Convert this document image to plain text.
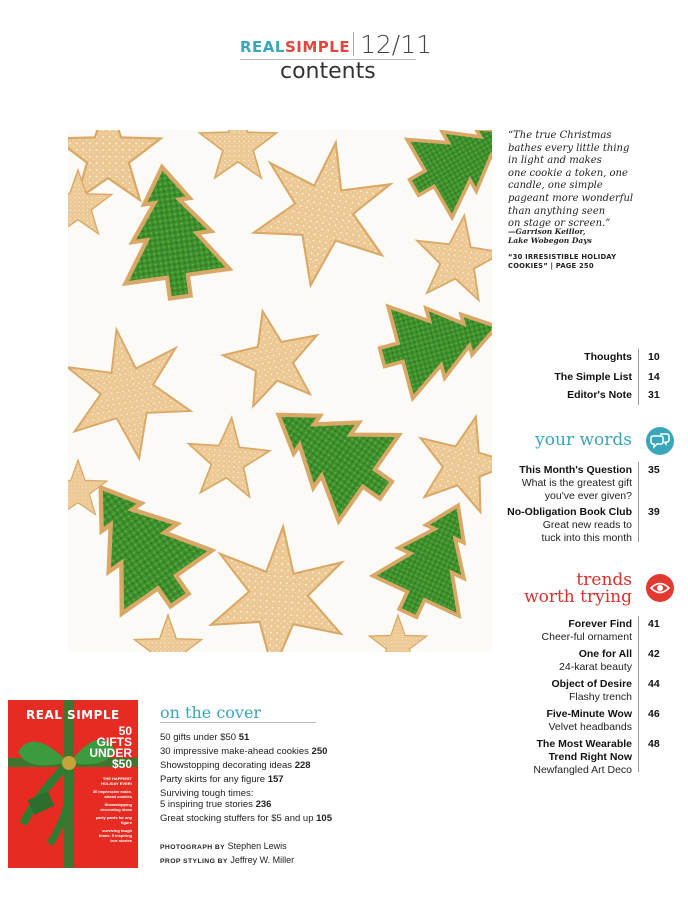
REALSIMPLE 12/11
contents
“The true Christmas
bathes every little thing
in light and makes
one cookie a token, one
candle, one simple
pageant more wonderful
than anything seen
on stage or screen.”
—Garrison Keillor,
Lake Wobegon Days
“30 IRRESISTIBLE HOLIDAY
COOKIES” | PAGE 250
Thoughts 10
The Simple List 14
Editor's Note 31
your words
This Month's Question
What is the greatest gift
you've ever given?
35
No-Obligation Book Club
Great new reads to
tuck into this month
39
trends
worth trying
Forever Find
Cheer-ful ornament
41
One for All
24-karat beauty
42
Object of Desire
Flashy trench
44
Five-Minute Wow
Velvet headbands
46
The Most Wearable
Trend Right Now
Newfangled Art Deco
48
REAL SIMPLE
50
GIFTS
UNDER
$50
THE HAPPIEST HOLIDAY EVER!
30 impressive make-ahead cookies
Showstopping decorating ideas
party pants for any figure
surviving tough times: 5 inspiring true stories
on the cover
50 gifts under $50 51
30 impressive make-ahead cookies 250
Showstopping decorating ideas 228
Party skirts for any figure 157
Surviving tough times:
5 inspiring true stories 236
Great stocking stuffers for $5 and up 105
PHOTOGRAPH BY Stephen Lewis
PROP STYLING BY Jeffrey W. Miller
